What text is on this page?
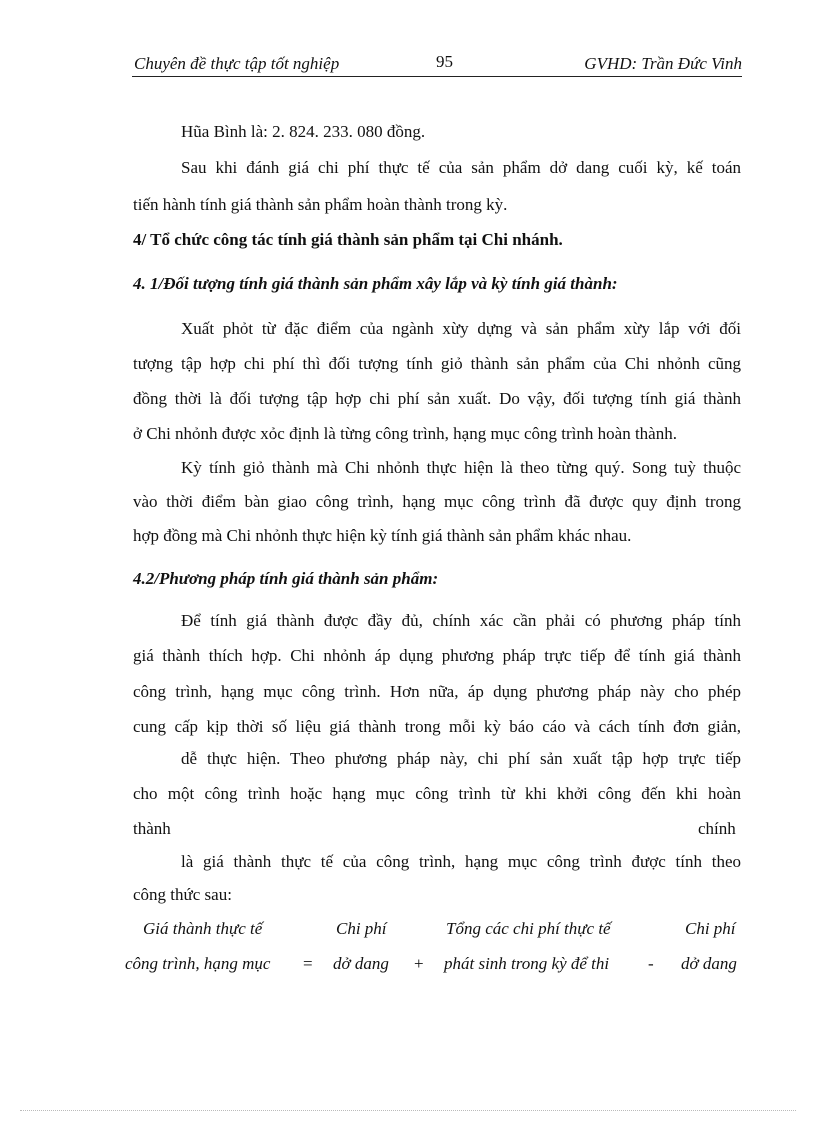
Chuyên đề thực tập tốt nghiệp	95	GVHD: Trần Đức Vinh
Hũa Bình là: 2. 824. 233. 080 đồng.
Sau khi đánh giá chi phí thực tế của sản phẩm dở dang cuối kỳ, kế toán
tiến hành tính giá thành sản phẩm hoàn thành trong kỳ.
4/ Tổ chức công tác tính giá thành sản phẩm tại Chi nhánh.
4. 1/Đối tượng tính giá thành sản phẩm xây lắp và kỳ tính giá thành:
Xuất phỏt từ đặc điểm của ngành xừy dựng và sản phẩm xừy lắp với đối
tượng tập hợp chi phí thì đối tượng tính giỏ thành sản phẩm của Chi nhỏnh cũng
đồng thời là đối tượng tập hợp chi phí sản xuất. Do vậy, đối tượng tính giá thành
ở Chi nhỏnh được xỏc định là từng công trình, hạng mục công trình hoàn thành.
Kỳ tính giỏ thành mà Chi nhỏnh thực hiện là theo từng quý. Song tuỳ thuộc
vào thời điểm bàn giao công trình, hạng mục công trình đã được quy định trong
hợp đồng mà Chi nhỏnh thực hiện kỳ tính giá thành sản phẩm khác nhau.
4.2/Phương pháp tính giá thành sản phẩm:
Để tính giá thành được đầy đủ, chính xác cần phải có phương pháp tính
giá thành thích hợp. Chi nhỏnh áp dụng phương pháp trực tiếp để tính giá thành
công trình, hạng mục công trình. Hơn nữa, áp dụng phương pháp này cho phép
cung cấp kịp thời số liệu giá thành trong mỗi kỳ báo cáo và cách tính đơn giản,
dễ thực hiện. Theo phương pháp này, chi phí sản xuất tập hợp trực tiếp
cho một công trình hoặc hạng mục công trình từ khi khởi công đến khi hoàn
thành	chính
là giá thành thực tế của công trình, hạng mục công trình được tính theo
công thức sau:
Giá thành thực tế	Chi phí	Tổng các chi phí thực tế	Chi phí
công trình, hạng mục = dở dang + phát sinh trong kỳ để thi - dở dang
